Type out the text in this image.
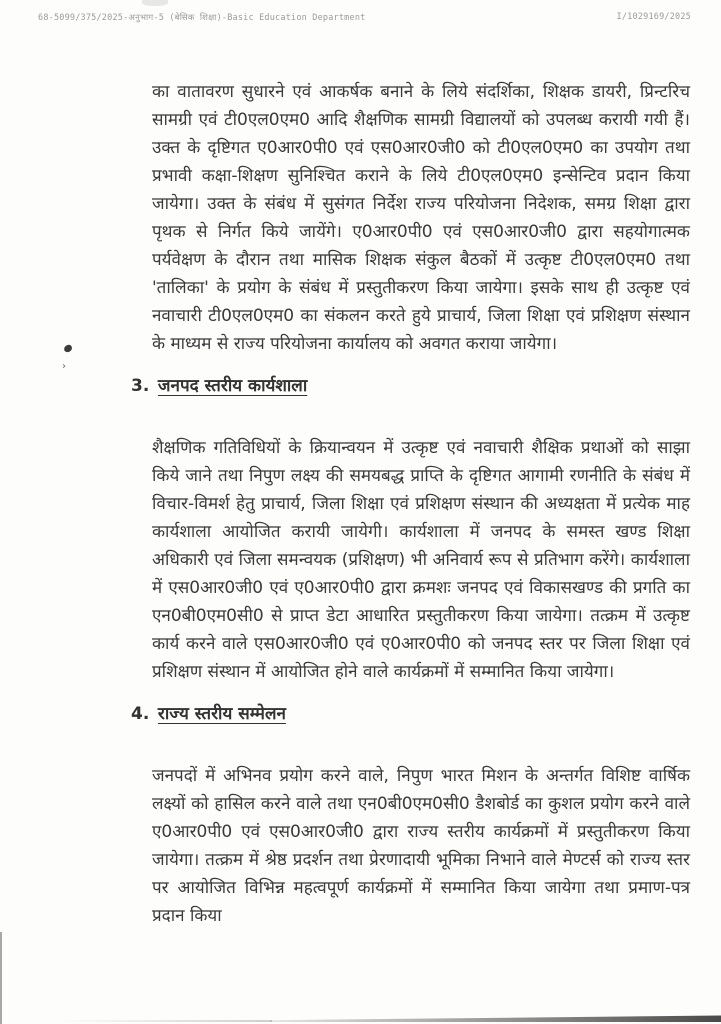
68-5099/375/2025-अनुभाग-5 (बेसिक शिक्षा)-Basic Education Department	I/1029169/2025

का वातावरण सुधारने एवं आकर्षक बनाने के लिये संदर्शिका, शिक्षक डायरी, प्रिन्टरिच सामग्री एवं टी0एल0एम0 आदि शैक्षणिक सामग्री विद्यालयों को उपलब्ध करायी गयी हैं। उक्त के दृष्टिगत ए0आर0पी0 एवं एस0आर0जी0 को टी0एल0एम0 का उपयोग तथा प्रभावी कक्षा-शिक्षण सुनिश्चित कराने के लिये टी0एल0एम0 इन्सेन्टिव प्रदान किया जायेगा। उक्त के संबंध में सुसंगत निर्देश राज्य परियोजना निदेशक, समग्र शिक्षा द्वारा पृथक से निर्गत किये जायेंगे। ए0आर0पी0 एवं एस0आर0जी0 द्वारा सहयोगात्मक पर्यवेक्षण के दौरान तथा मासिक शिक्षक संकुल बैठकों में उत्कृष्ट टी0एल0एम0 तथा 'तालिका' के प्रयोग के संबंध में प्रस्तुतीकरण किया जायेगा। इसके साथ ही उत्कृष्ट एवं नवाचारी टी0एल0एम0 का संकलन करते हुये प्राचार्य, जिला शिक्षा एवं प्रशिक्षण संस्थान के माध्यम से राज्य परियोजना कार्यालय को अवगत कराया जायेगा।

3. जनपद स्तरीय कार्यशाला

शैक्षणिक गतिविधियों के क्रियान्वयन में उत्कृष्ट एवं नवाचारी शैक्षिक प्रथाओं को साझा किये जाने तथा निपुण लक्ष्य की समयबद्ध प्राप्ति के दृष्टिगत आगामी रणनीति के संबंध में विचार-विमर्श हेतु प्राचार्य, जिला शिक्षा एवं प्रशिक्षण संस्थान की अध्यक्षता में प्रत्येक माह कार्यशाला आयोजित करायी जायेगी। कार्यशाला में जनपद के समस्त खण्ड शिक्षा अधिकारी एवं जिला समन्वयक (प्रशिक्षण) भी अनिवार्य रूप से प्रतिभाग करेंगे। कार्यशाला में एस0आर0जी0 एवं ए0आर0पी0 द्वारा क्रमशः जनपद एवं विकासखण्ड की प्रगति का एन0बी0एम0सी0 से प्राप्त डेटा आधारित प्रस्तुतीकरण किया जायेगा। तत्क्रम में उत्कृष्ट कार्य करने वाले एस0आर0जी0 एवं ए0आर0पी0 को जनपद स्तर पर जिला शिक्षा एवं प्रशिक्षण संस्थान में आयोजित होने वाले कार्यक्रमों में सम्मानित किया जायेगा।

4. राज्य स्तरीय सम्मेलन

जनपदों में अभिनव प्रयोग करने वाले, निपुण भारत मिशन के अन्तर्गत विशिष्ट वार्षिक लक्ष्यों को हासिल करने वाले तथा एन0बी0एम0सी0 डैशबोर्ड का कुशल प्रयोग करने वाले ए0आर0पी0 एवं एस0आर0जी0 द्वारा राज्य स्तरीय कार्यक्रमों में प्रस्तुतीकरण किया जायेगा। तत्क्रम में श्रेष्ठ प्रदर्शन तथा प्रेरणादायी भूमिका निभाने वाले मेण्टर्स को राज्य स्तर पर आयोजित विभिन्न महत्वपूर्ण कार्यक्रमों में सम्मानित किया जायेगा तथा प्रमाण-पत्र प्रदान किया

›
